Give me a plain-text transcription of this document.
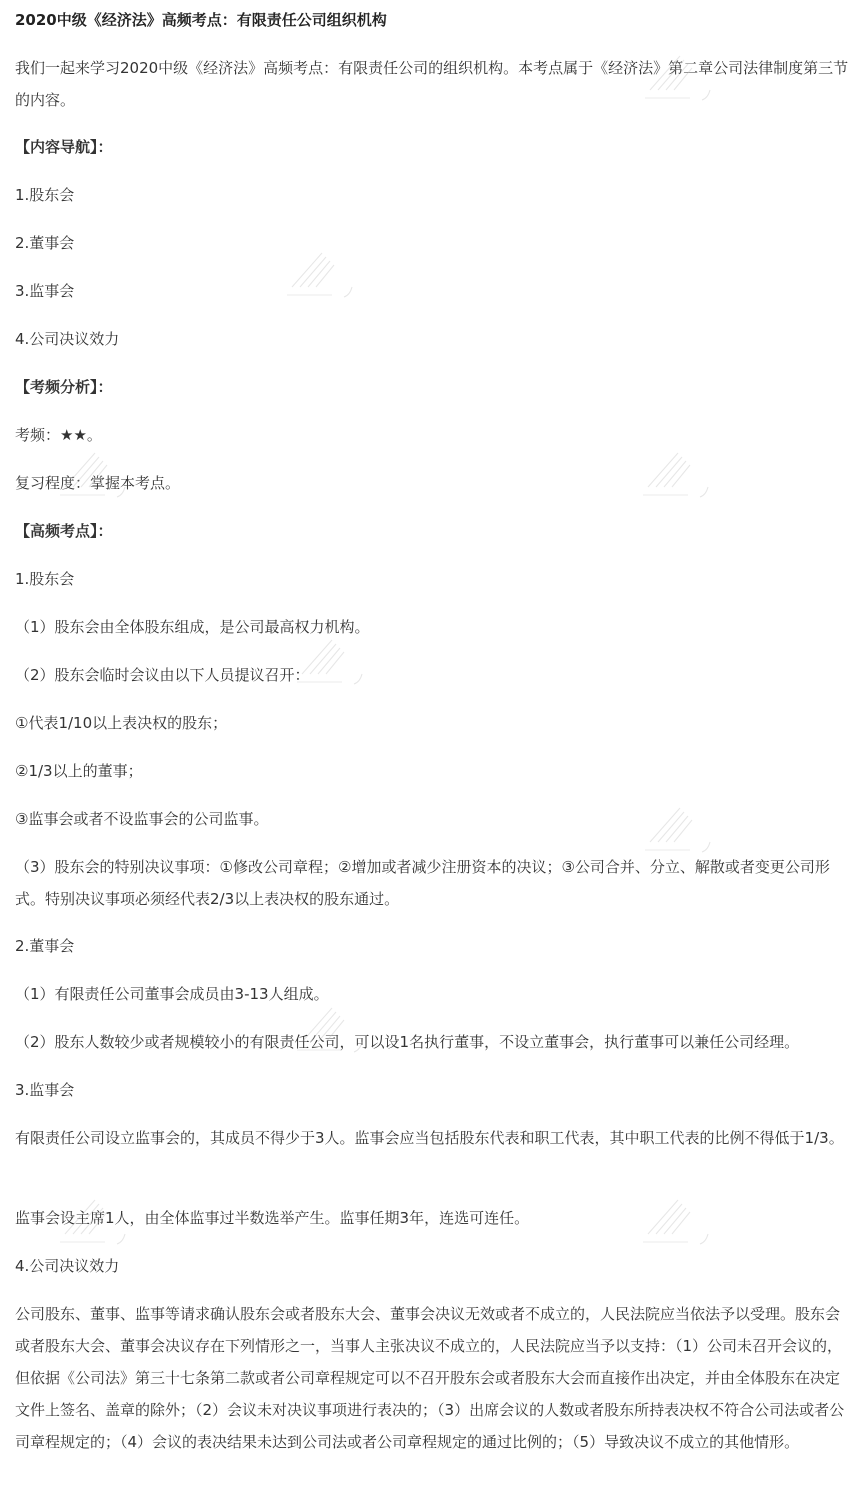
2020中级《经济法》高频考点：有限责任公司组织机构

我们一起来学习2020中级《经济法》高频考点：有限责任公司的组织机构。本考点属于《经济法》第二章公司法律制度第三节的内容。

【内容导航】：

1.股东会

2.董事会

3.监事会

4.公司决议效力

【考频分析】：

考频：★★。

复习程度：掌握本考点。

【高频考点】：

1.股东会

（1）股东会由全体股东组成，是公司最高权力机构。

（2）股东会临时会议由以下人员提议召开：

①代表1/10以上表决权的股东；

②1/3以上的董事；

③监事会或者不设监事会的公司监事。

（3）股东会的特别决议事项：①修改公司章程；②增加或者减少注册资本的决议；③公司合并、分立、解散或者变更公司形式。特别决议事项必须经代表2/3以上表决权的股东通过。

2.董事会

（1）有限责任公司董事会成员由3-13人组成。

（2）股东人数较少或者规模较小的有限责任公司，可以设1名执行董事，不设立董事会，执行董事可以兼任公司经理。

3.监事会

有限责任公司设立监事会的，其成员不得少于3人。监事会应当包括股东代表和职工代表，其中职工代表的比例不得低于1/3。

监事会设主席1人，由全体监事过半数选举产生。监事任期3年，连选可连任。

4.公司决议效力

公司股东、董事、监事等请求确认股东会或者股东大会、董事会决议无效或者不成立的，人民法院应当依法予以受理。股东会或者股东大会、董事会决议存在下列情形之一，当事人主张决议不成立的，人民法院应当予以支持：（1）公司未召开会议的，但依据《公司法》第三十七条第二款或者公司章程规定可以不召开股东会或者股东大会而直接作出决定，并由全体股东在决定文件上签名、盖章的除外；（2）会议未对决议事项进行表决的；（3）出席会议的人数或者股东所持表决权不符合公司法或者公司章程规定的；（4）会议的表决结果未达到公司法或者公司章程规定的通过比例的；（5）导致决议不成立的其他情形。
